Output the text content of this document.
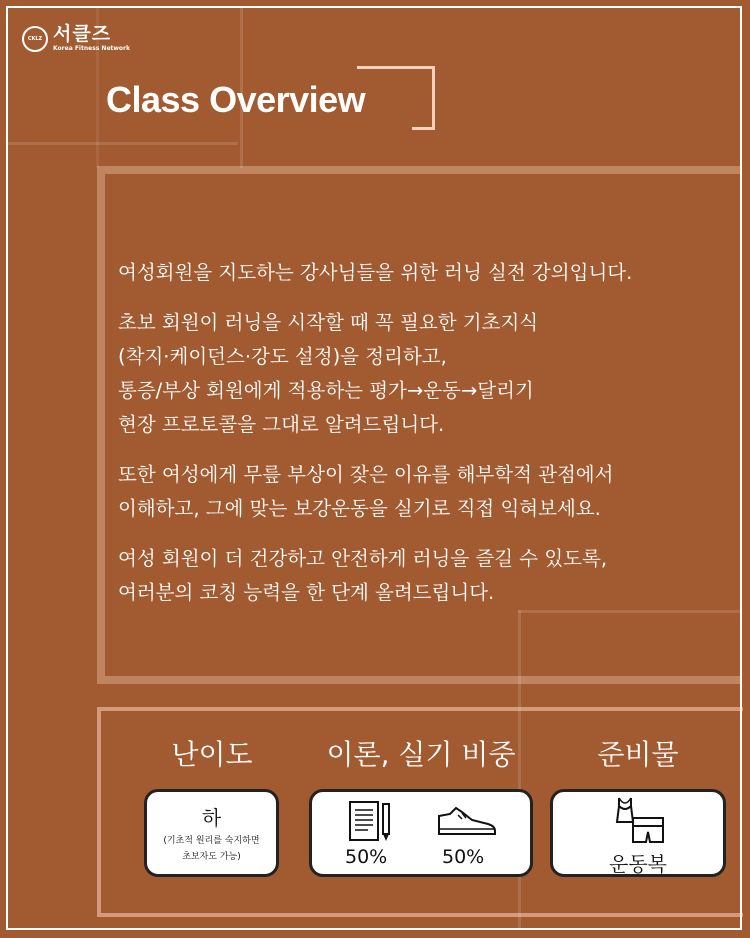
CKLZ 서클즈
Korea Fitness Network
Class Overview

여성회원을 지도하는 강사님들을 위한 러닝 실전 강의입니다.

초보 회원이 러닝을 시작할 때 꼭 필요한 기초지식
(착지·케이던스·강도 설정)을 정리하고,
통증/부상 회원에게 적용하는 평가→운동→달리기
현장 프로토콜을 그대로 알려드립니다.

또한 여성에게 무릎 부상이 잦은 이유를 해부학적 관점에서
이해하고, 그에 맞는 보강운동을 실기로 직접 익혀보세요.

여성 회원이 더 건강하고 안전하게 러닝을 즐길 수 있도록,
여러분의 코칭 능력을 한 단계 올려드립니다.

난이도	이론, 실기 비중	준비물
하
(기초적 원리를 숙지하면
초보자도 가능)	50%	50%	운동복
